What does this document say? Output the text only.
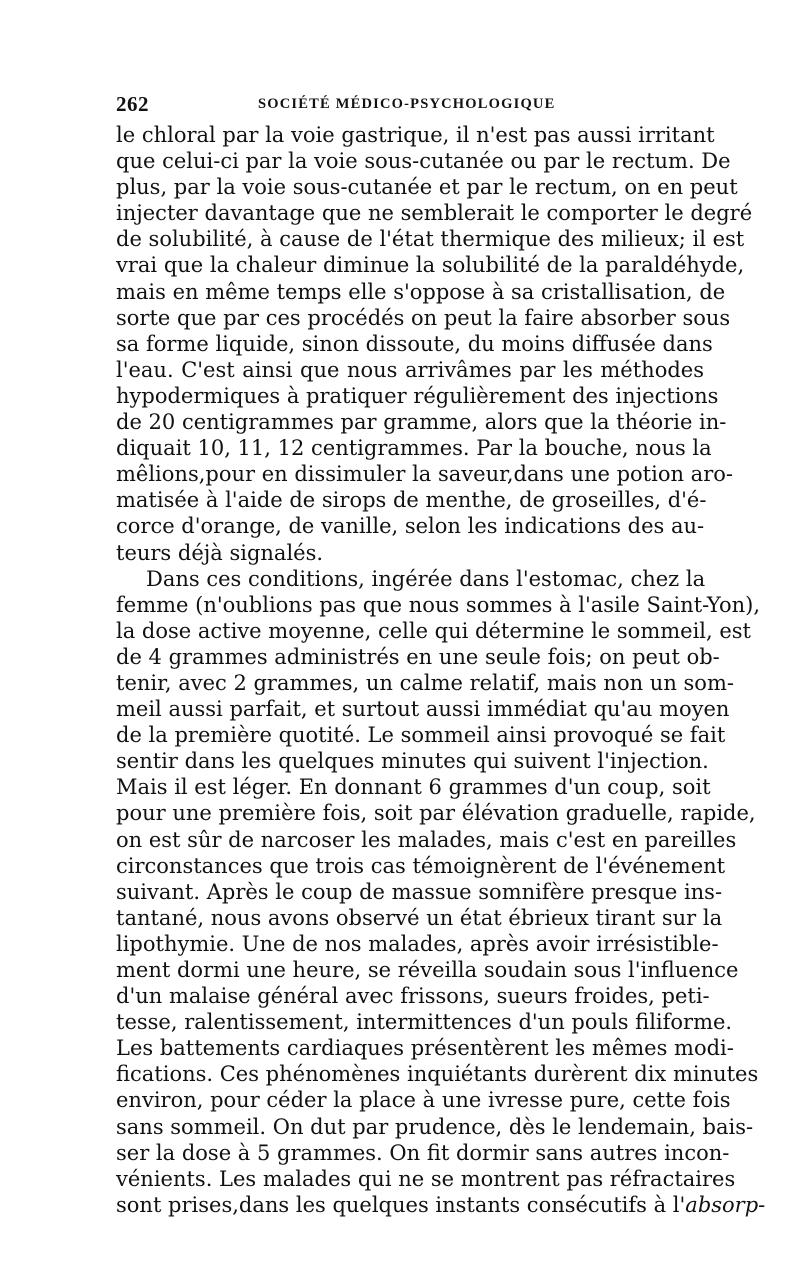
262	SOCIÉTÉ MÉDICO-PSYCHOLOGIQUE
le chloral par la voie gastrique, il n'est pas aussi irritant
que celui-ci par la voie sous-cutanée ou par le rectum. De
plus, par la voie sous-cutanée et par le rectum, on en peut
injecter davantage que ne semblerait le comporter le degré
de solubilité, à cause de l'état thermique des milieux; il est
vrai que la chaleur diminue la solubilité de la paraldéhyde,
mais en même temps elle s'oppose à sa cristallisation, de
sorte que par ces procédés on peut la faire absorber sous
sa forme liquide, sinon dissoute, du moins diffusée dans
l'eau. C'est ainsi que nous arrivâmes par les méthodes
hypodermiques à pratiquer régulièrement des injections
de 20 centigrammes par gramme, alors que la théorie in-
diquait 10, 11, 12 centigrammes. Par la bouche, nous la
mêlions,pour en dissimuler la saveur,dans une potion aro-
matisée à l'aide de sirops de menthe, de groseilles, d'é-
corce d'orange, de vanille, selon les indications des au-
teurs déjà signalés.
Dans ces conditions, ingérée dans l'estomac, chez la
femme (n'oublions pas que nous sommes à l'asile Saint-Yon),
la dose active moyenne, celle qui détermine le sommeil, est
de 4 grammes administrés en une seule fois; on peut ob-
tenir, avec 2 grammes, un calme relatif, mais non un som-
meil aussi parfait, et surtout aussi immédiat qu'au moyen
de la première quotité. Le sommeil ainsi provoqué se fait
sentir dans les quelques minutes qui suivent l'injection.
Mais il est léger. En donnant 6 grammes d'un coup, soit
pour une première fois, soit par élévation graduelle, rapide,
on est sûr de narcoser les malades, mais c'est en pareilles
circonstances que trois cas témoignèrent de l'événement
suivant. Après le coup de massue somnifère presque ins-
tantané, nous avons observé un état ébrieux tirant sur la
lipothymie. Une de nos malades, après avoir irrésistible-
ment dormi une heure, se réveilla soudain sous l'influence
d'un malaise général avec frissons, sueurs froides, peti-
tesse, ralentissement, intermittences d'un pouls filiforme.
Les battements cardiaques présentèrent les mêmes modi-
fications. Ces phénomènes inquiétants durèrent dix minutes
environ, pour céder la place à une ivresse pure, cette fois
sans sommeil. On dut par prudence, dès le lendemain, bais-
ser la dose à 5 grammes. On fit dormir sans autres incon-
vénients. Les malades qui ne se montrent pas réfractaires
sont prises,dans les quelques instants consécutifs à l'absorp-
